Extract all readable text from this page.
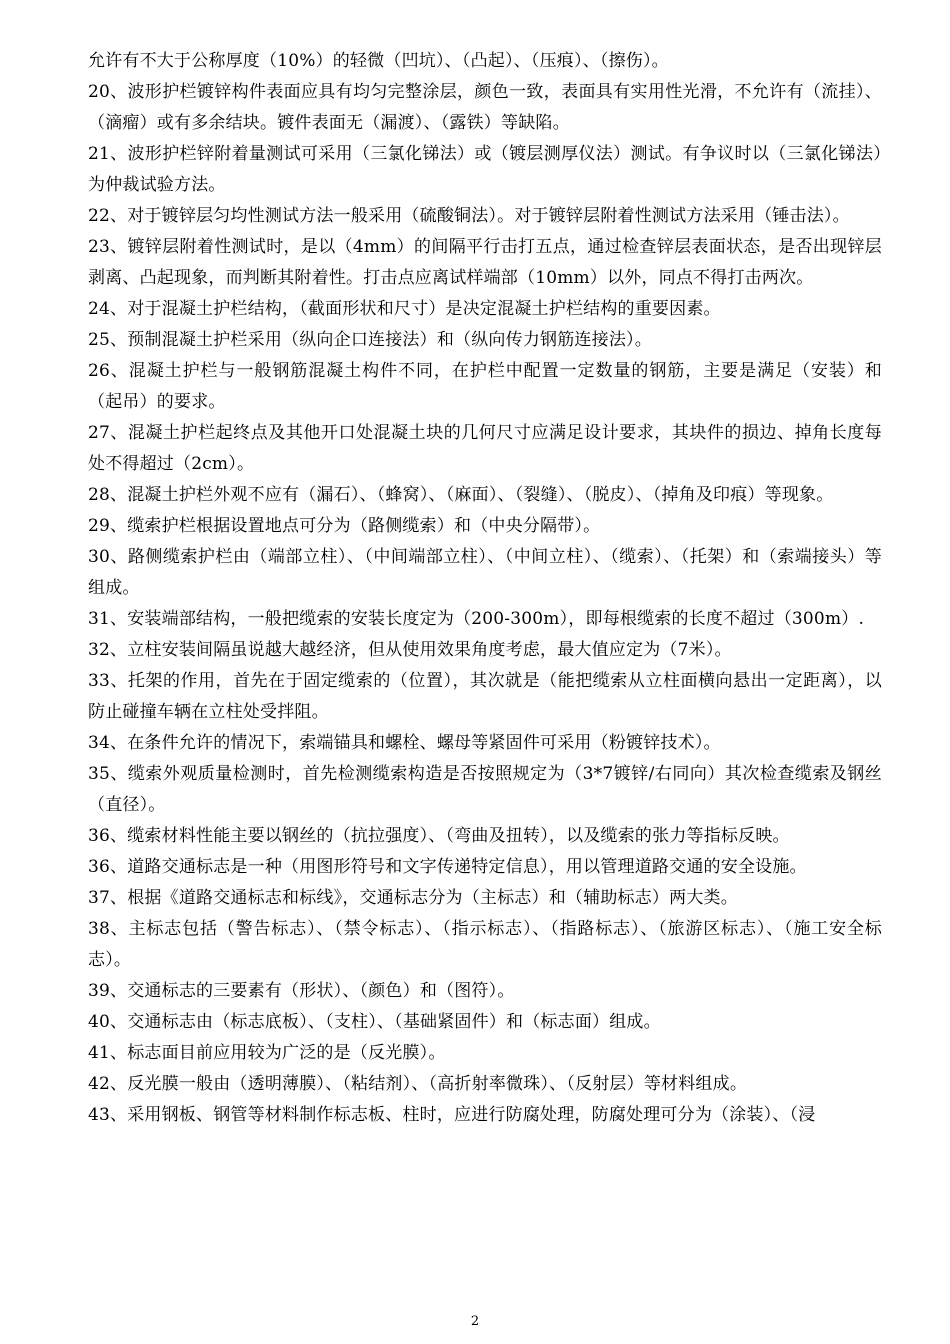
允许有不大于公称厚度（10%）的轻微（凹坑）、（凸起）、（压痕）、（擦伤）。

20、波形护栏镀锌构件表面应具有均匀完整涂层，颜色一致，表面具有实用性光滑，不允许有（流挂）、（滴瘤）或有多余结块。镀件表面无（漏渡）、（露铁）等缺陷。

21、波形护栏锌附着量测试可采用（三氯化锑法）或（镀层测厚仪法）测试。有争议时以（三氯化锑法）为仲裁试验方法。

22、对于镀锌层匀均性测试方法一般采用（硫酸铜法）。对于镀锌层附着性测试方法采用（锤击法）。

23、镀锌层附着性测试时，是以（4mm）的间隔平行击打五点，通过检查锌层表面状态，是否出现锌层剥离、凸起现象，而判断其附着性。打击点应离试样端部（10mm）以外，同点不得打击两次。

24、对于混凝土护栏结构，（截面形状和尺寸）是决定混凝土护栏结构的重要因素。

25、预制混凝土护栏采用（纵向企口连接法）和（纵向传力钢筋连接法）。

26、混凝土护栏与一般钢筋混凝土构件不同，在护栏中配置一定数量的钢筋，主要是满足（安装）和（起吊）的要求。

27、混凝土护栏起终点及其他开口处混凝土块的几何尺寸应满足设计要求，其块件的损边、掉角长度每处不得超过（2cm）。

28、混凝土护栏外观不应有（漏石）、（蜂窝）、（麻面）、（裂缝）、（脱皮）、（掉角及印痕）等现象。

29、缆索护栏根据设置地点可分为（路侧缆索）和（中央分隔带）。

30、路侧缆索护栏由（端部立柱）、（中间端部立柱）、（中间立柱）、（缆索）、（托架）和（索端接头）等组成。

31、安装端部结构，一般把缆索的安装长度定为（200-300m），即每根缆索的长度不超过（300m）.

32、立柱安装间隔虽说越大越经济，但从使用效果角度考虑，最大值应定为（7米）。

33、托架的作用，首先在于固定缆索的（位置），其次就是（能把缆索从立柱面横向悬出一定距离），以防止碰撞车辆在立柱处受拌阻。

34、在条件允许的情况下，索端锚具和螺栓、螺母等紧固件可采用（粉镀锌技术）。

35、缆索外观质量检测时，首先检测缆索构造是否按照规定为（3*7镀锌/右同向）其次检查缆索及钢丝（直径）。

36、缆索材料性能主要以钢丝的（抗拉强度）、（弯曲及扭转），以及缆索的张力等指标反映。

36、道路交通标志是一种（用图形符号和文字传递特定信息），用以管理道路交通的安全设施。

37、根据《道路交通标志和标线》，交通标志分为（主标志）和（辅助标志）两大类。

38、主标志包括（警告标志）、（禁令标志）、（指示标志）、（指路标志）、（旅游区标志）、（施工安全标志）。

39、交通标志的三要素有（形状）、（颜色）和（图符）。

40、交通标志由（标志底板）、（支柱）、（基础紧固件）和（标志面）组成。

41、标志面目前应用较为广泛的是（反光膜）。

42、反光膜一般由（透明薄膜）、（粘结剂）、（高折射率微珠）、（反射层）等材料组成。

43、采用钢板、钢管等材料制作标志板、柱时，应进行防腐处理，防腐处理可分为（涂装）、（浸

2
